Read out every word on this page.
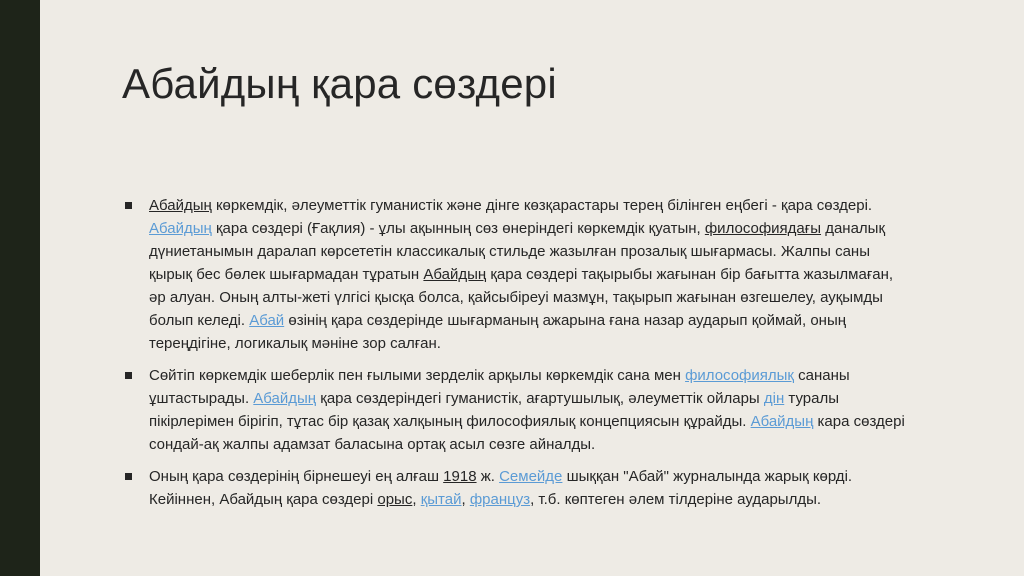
Абайдың қара сөздері
Абайдың көркемдік, әлеуметтік гуманистік және дінге көзқарастары терең білінген еңбегі - қара сөздері. Абайдың қара сөздері (Ғақлия) - ұлы ақынның сөз өнеріндегі көркемдік қуатын, философиядағы даналық дүниетанымын даралап көрсететін классикалық стильде жазылған прозалық шығармасы. Жалпы саны қырық бес бөлек шығармадан тұратын Абайдың қара сөздері тақырыбы жағынан бір бағытта жазылмаған, әр алуан. Оның алты-жеті үлгісі қысқа болса, қайсыбіреуі мазмұн, тақырып жағынан өзгешелеу, ауқымды болып келеді. Абай өзінің қара сөздерінде шығарманың ажарына ғана назар аударып қоймай, оның тереңдігіне, логикалық мәніне зор салған.
Сөйтіп көркемдік шеберлік пен ғылыми зерделік арқылы көркемдік сана мен философиялық сананы ұштастырады. Абайдың қара сөздеріндегі гуманистік, ағартушылық, әлеуметтік ойлары дін туралы пікірлерімен бірігіп, тұтас бір қазақ халқының философиялық концепциясын құрайды. Абайдың кара сөздері сондай-ақ жалпы адамзат баласына ортақ асыл сөзге айналды.
Оның қара сөздерінің бірнешеуі ең алғаш 1918 ж. Семейде шыққан "Абай" журналында жарық көрді. Кейіннен, Абайдың қара сөздері орыс, қытай, француз, т.б. көптеген әлем тілдеріне аударылды.
